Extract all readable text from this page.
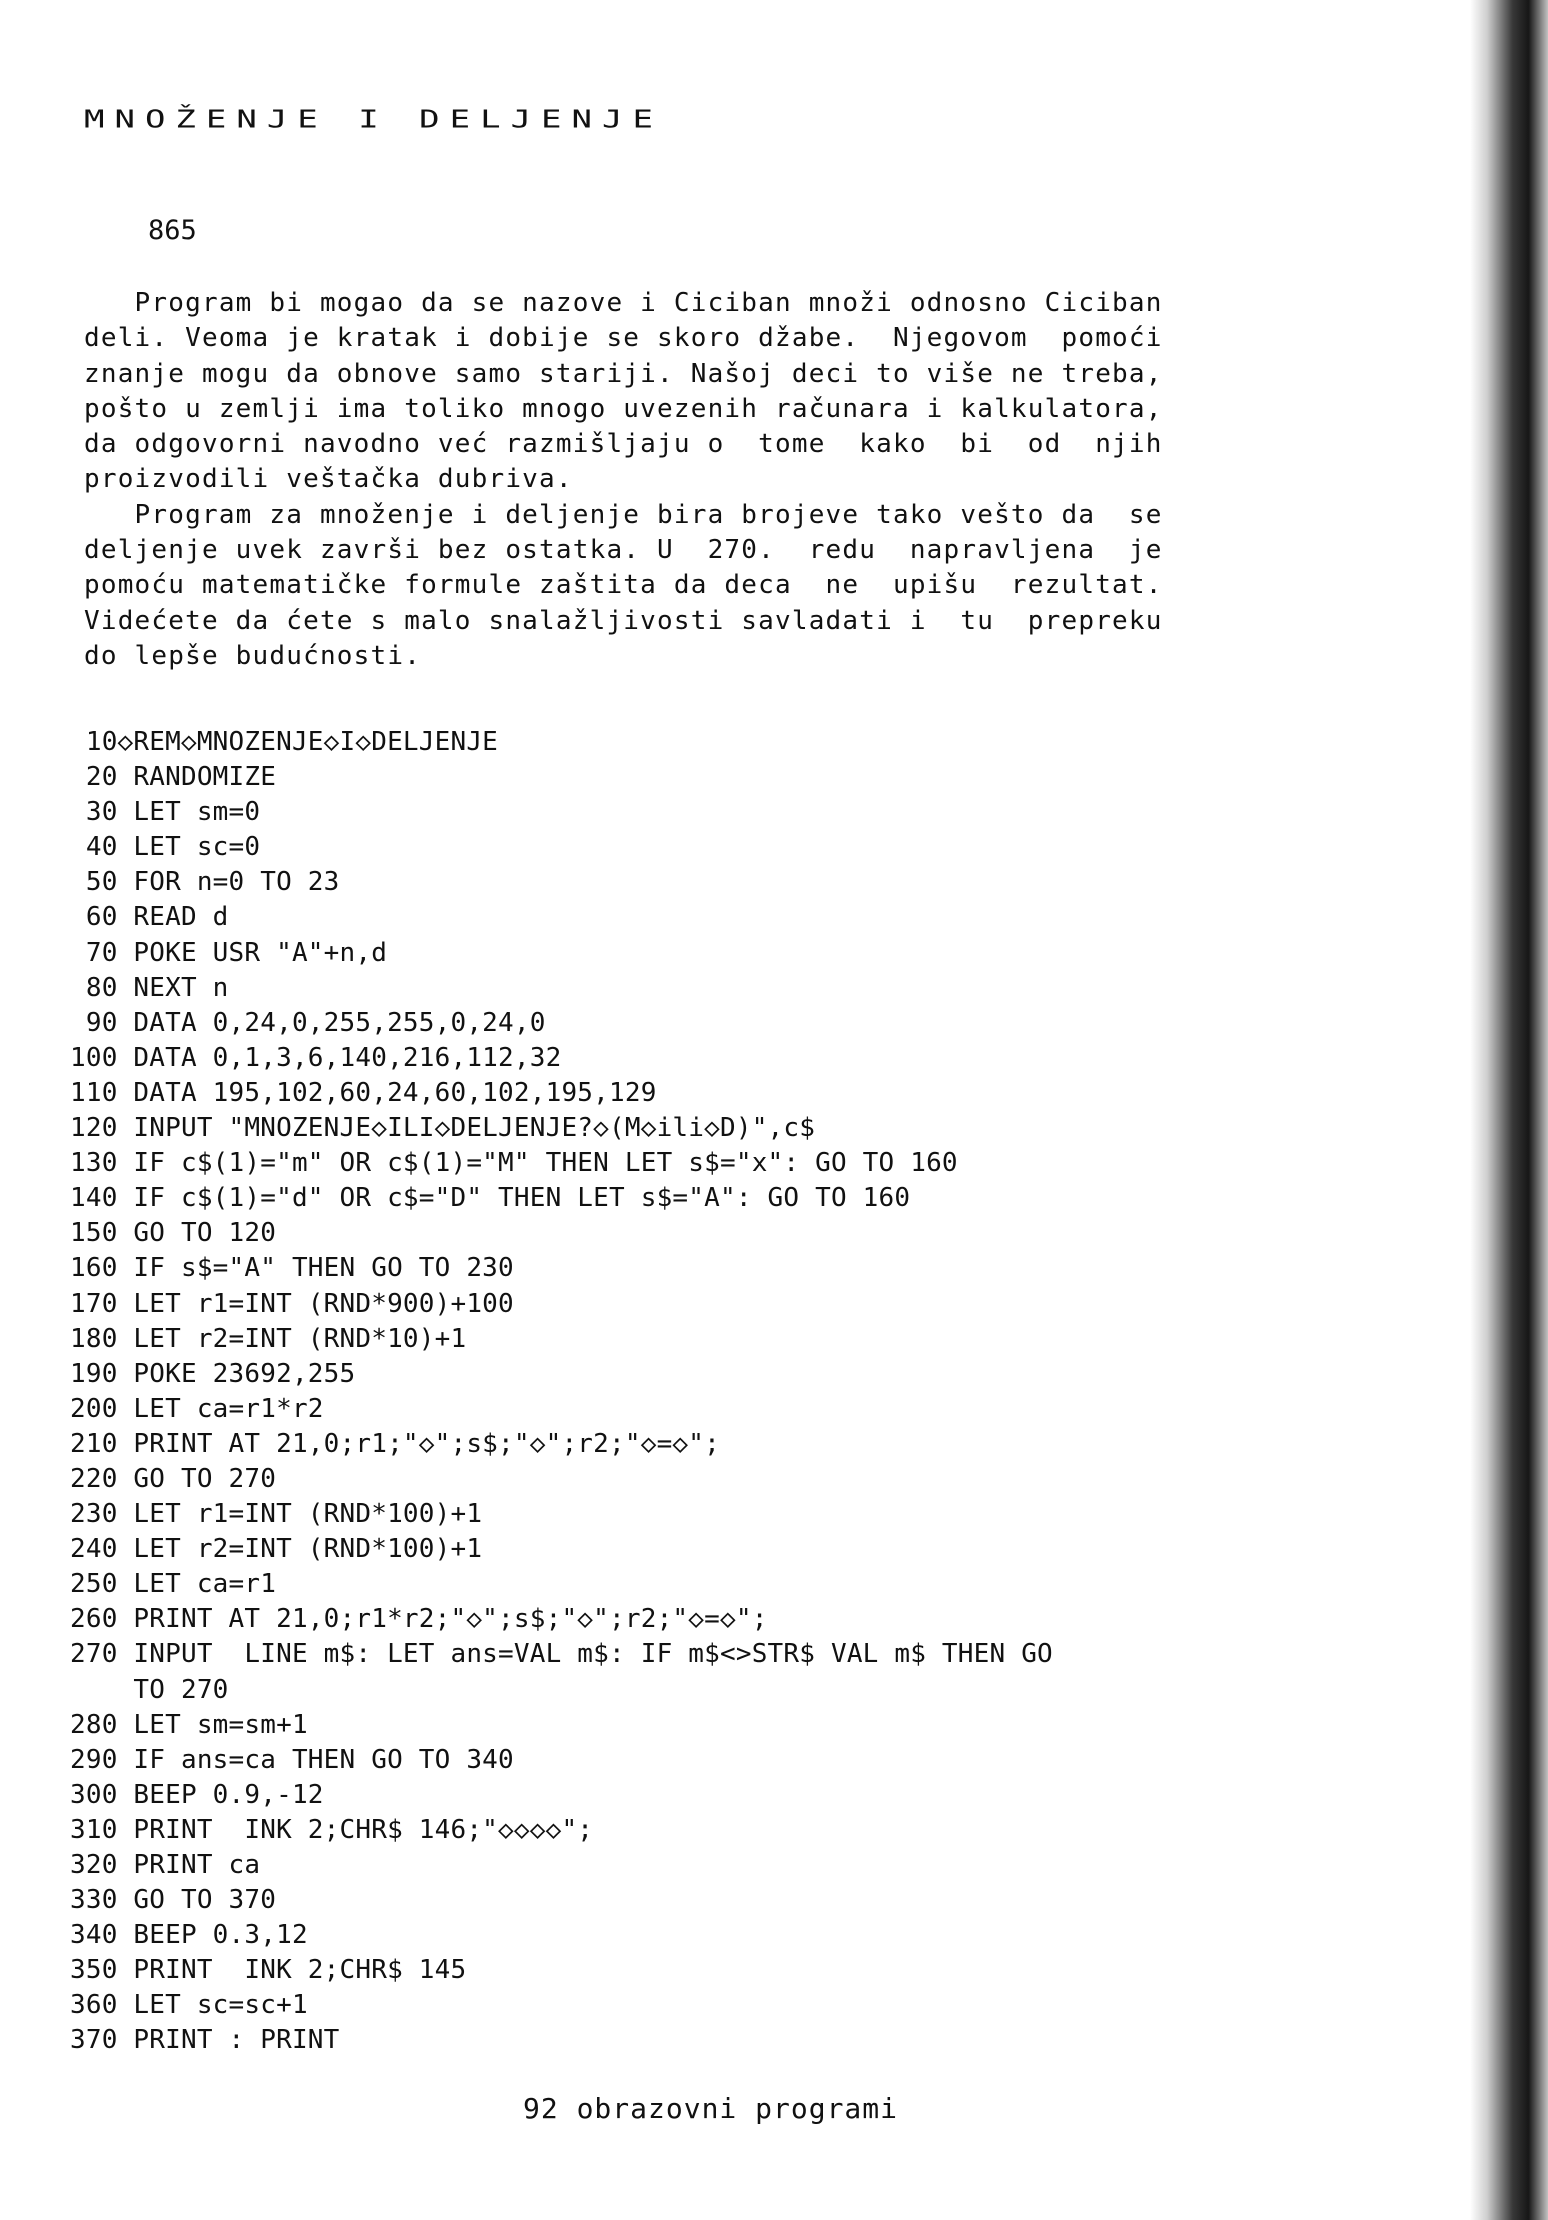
MNOŽENJE I DELJENJE
865
Program bi mogao da se nazove i Ciciban množi odnosno Ciciban
deli. Veoma je kratak i dobije se skoro džabe.  Njegovom  pomoći
znanje mogu da obnove samo stariji. Našoj deci to više ne treba,
pošto u zemlji ima toliko mnogo uvezenih računara i kalkulatora,
da odgovorni navodno već razmišljaju o  tome  kako  bi  od  njih
proizvodili veštačka dubriva.
Program za množenje i deljenje bira brojeve tako vešto da  se
deljenje uvek završi bez ostatka. U  270.  redu  napravljena  je
pomoću matematičke formule zaštita da deca  ne  upišu  rezultat.
Videćete da ćete s malo snalažljivosti savladati i  tu  prepreku
do lepše budućnosti.
10◇REM◇MNOZENJE◇I◇DELJENJE
20 RANDOMIZE
30 LET sm=0
40 LET sc=0
50 FOR n=0 TO 23
60 READ d
70 POKE USR "A"+n,d
80 NEXT n
90 DATA 0,24,0,255,255,0,24,0
100 DATA 0,1,3,6,140,216,112,32
110 DATA 195,102,60,24,60,102,195,129
120 INPUT "MNOZENJE◇ILI◇DELJENJE?◇(M◇ili◇D)",c$
130 IF c$(1)="m" OR c$(1)="M" THEN LET s$="x": GO TO 160
140 IF c$(1)="d" OR c$="D" THEN LET s$="A": GO TO 160
150 GO TO 120
160 IF s$="A" THEN GO TO 230
170 LET r1=INT (RND*900)+100
180 LET r2=INT (RND*10)+1
190 POKE 23692,255
200 LET ca=r1*r2
210 PRINT AT 21,0;r1;"◇";s$;"◇";r2;"◇=◇";
220 GO TO 270
230 LET r1=INT (RND*100)+1
240 LET r2=INT (RND*100)+1
250 LET ca=r1
260 PRINT AT 21,0;r1*r2;"◇";s$;"◇";r2;"◇=◇";
270 INPUT  LINE m$: LET ans=VAL m$: IF m$<>STR$ VAL m$ THEN GO
TO 270
280 LET sm=sm+1
290 IF ans=ca THEN GO TO 340
300 BEEP 0.9,-12
310 PRINT  INK 2;CHR$ 146;"◇◇◇◇";
320 PRINT ca
330 GO TO 370
340 BEEP 0.3,12
350 PRINT  INK 2;CHR$ 145
360 LET sc=sc+1
370 PRINT : PRINT
92 obrazovni programi
